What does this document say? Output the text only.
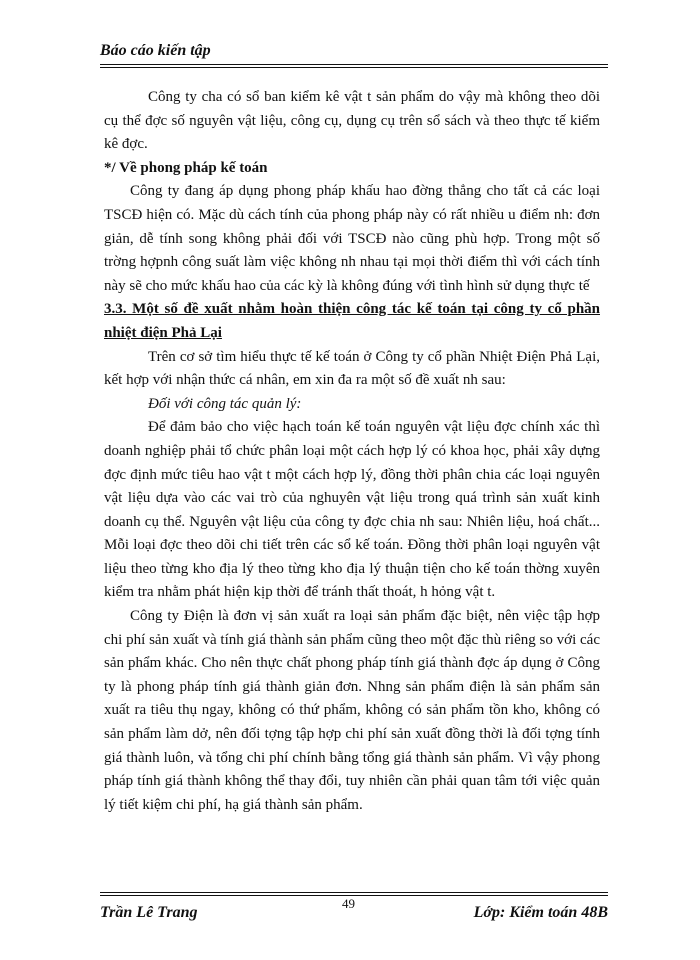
Báo cáo kiến tập

Công ty cha có sổ ban kiểm kê vật t sản phẩm do vậy mà không theo dõi cụ thể đợc số nguyên vật liệu, công cụ, dụng cụ trên sổ sách và theo thực tế kiểm kê đợc.

*/ Về phong pháp kế toán

Công ty đang áp dụng phong pháp khấu hao đờng thẳng cho tất cả các loại TSCĐ hiện có. Mặc dù cách tính của phong pháp này có rất nhiều u điểm nh: đơn giản, dễ tính song không phải đối với TSCĐ nào cũng phù hợp. Trong một số trờng hợpnh công suất làm việc không nh nhau tại mọi thời điểm thì với cách tính này sẽ cho mức khấu hao của các kỳ là không đúng với tình hình sử dụng thực tế

3.3. Một số đề xuất nhằm hoàn thiện công tác kế toán tại công ty cổ phần nhiệt điện Phả Lại

Trên cơ sở tìm hiểu thực tế kế toán ở Công ty cổ phần Nhiệt Điện Phả Lại, kết hợp với nhận thức cá nhân, em xin đa ra một số đề xuất nh sau:

Đối với công tác quản lý:

Để đảm bảo cho việc hạch toán kế toán nguyên vật liệu đợc chính xác thì doanh nghiệp phải tổ chức phân loại một cách hợp lý có khoa học, phải xây dựng đợc định mức tiêu hao vật t một cách hợp lý, đồng thời phân chia các loại nguyên vật liệu dựa vào các vai trò của nghuyên vật liệu trong quá trình sản xuất kinh doanh cụ thể. Nguyên vật liệu của công ty đợc chia nh sau: Nhiên liệu, hoá chất... Mỗi loại đợc theo dõi chi tiết trên các sổ kế toán. Đồng thời phân loại nguyên vật liệu theo từng kho địa lý theo từng kho địa lý thuận tiện cho kế toán thờng xuyên kiểm tra nhằm phát hiện kịp thời để tránh thất thoát, h hỏng vật t.

Công ty Điện là đơn vị sản xuất ra loại sản phẩm đặc biệt, nên việc tập hợp chi phí sản xuất và tính giá thành sản phẩm cũng theo một đặc thù riêng so với các sản phẩm khác. Cho nên thực chất phong pháp tính giá thành đợc áp dụng ở Công ty là phong pháp tính giá thành giản đơn. Nhng sản phẩm điện là sản phẩm sản xuất ra tiêu thụ ngay, không có thứ phẩm, không có sản phẩm tồn kho, không có sản phẩm làm dở, nên đối tợng tập hợp chi phí sản xuất đồng thời là đối tợng tính giá thành luôn, và tổng chi phí chính bằng tổng giá thành sản phẩm. Vì vậy phong pháp tính giá thành không thể thay đổi, tuy nhiên cần phải quan tâm tới việc quản lý tiết kiệm chi phí, hạ giá thành sản phẩm.

Trần Lê Trang
49
Lớp: Kiểm toán 48B
